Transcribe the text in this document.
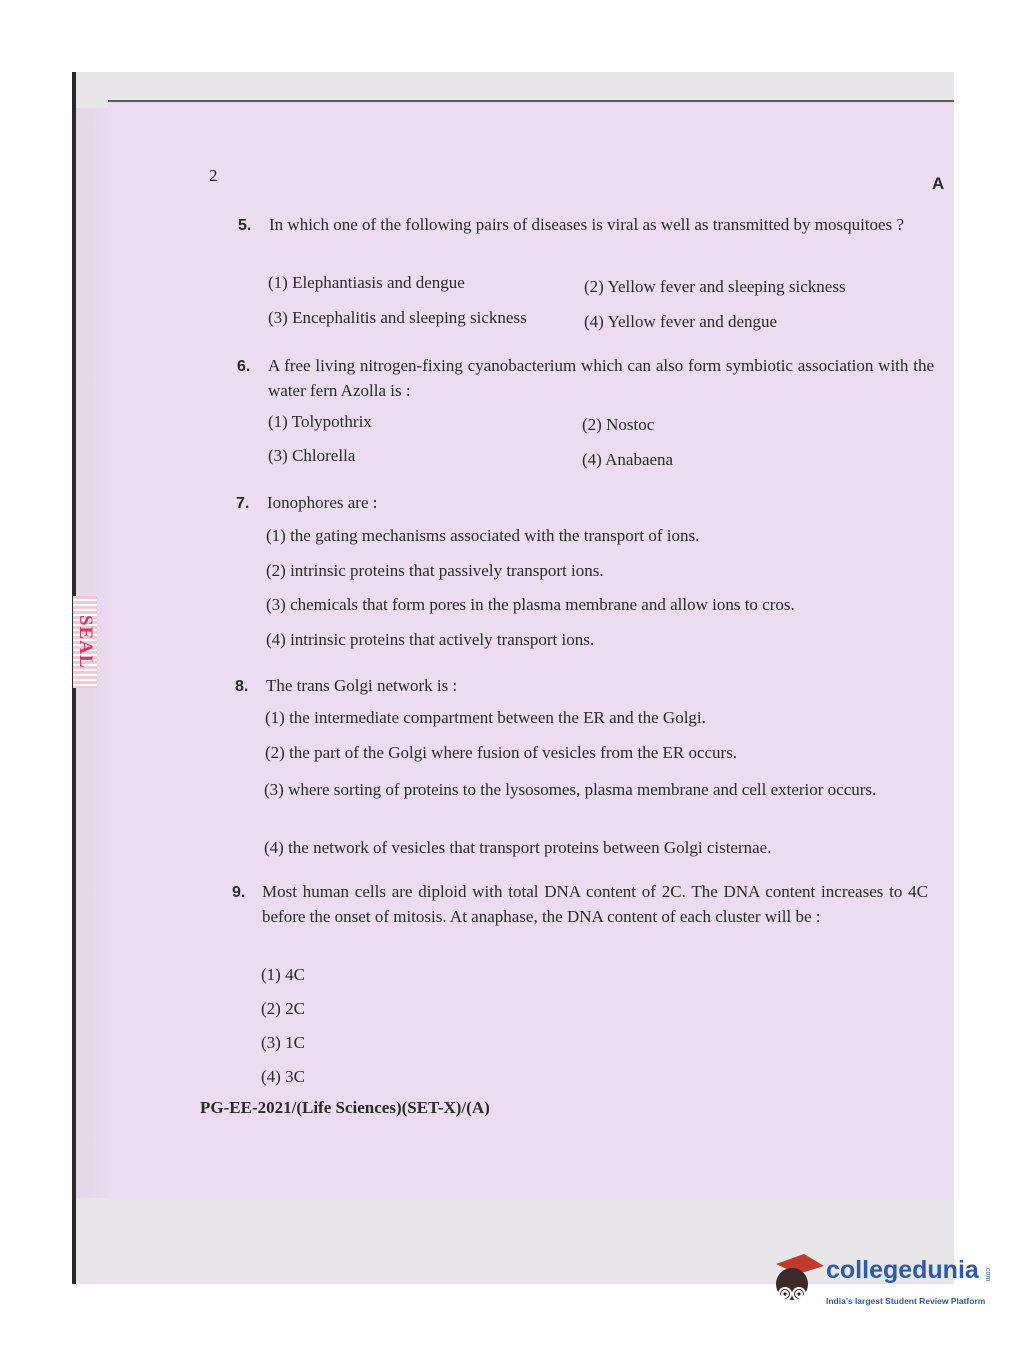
SEAL
2	A
5. In which one of the following pairs of diseases is viral as well as transmitted by mosquitoes ?
(1) Elephantiasis and dengue	(2) Yellow fever and sleeping sickness
(3) Encephalitis and sleeping sickness	(4) Yellow fever and dengue
6. A free living nitrogen-fixing cyanobacterium which can also form symbiotic association with the water fern Azolla is :
(1) Tolypothrix	(2) Nostoc
(3) Chlorella	(4) Anabaena
7. Ionophores are :
(1) the gating mechanisms associated with the transport of ions.
(2) intrinsic proteins that passively transport ions.
(3) chemicals that form pores in the plasma membrane and allow ions to cros.
(4) intrinsic proteins that actively transport ions.
8. The trans Golgi network is :
(1) the intermediate compartment between the ER and the Golgi.
(2) the part of the Golgi where fusion of vesicles from the ER occurs.
(3) where sorting of proteins to the lysosomes, plasma membrane and cell exterior occurs.
(4) the network of vesicles that transport proteins between Golgi cisternae.
9. Most human cells are diploid with total DNA content of 2C. The DNA content increases to 4C before the onset of mitosis. At anaphase, the DNA content of each cluster will be :
(1) 4C
(2) 2C
(3) 1C
(4) 3C
PG-EE-2021/(Life Sciences)(SET-X)/(A)
collegedunia .com
India's largest Student Review Platform
